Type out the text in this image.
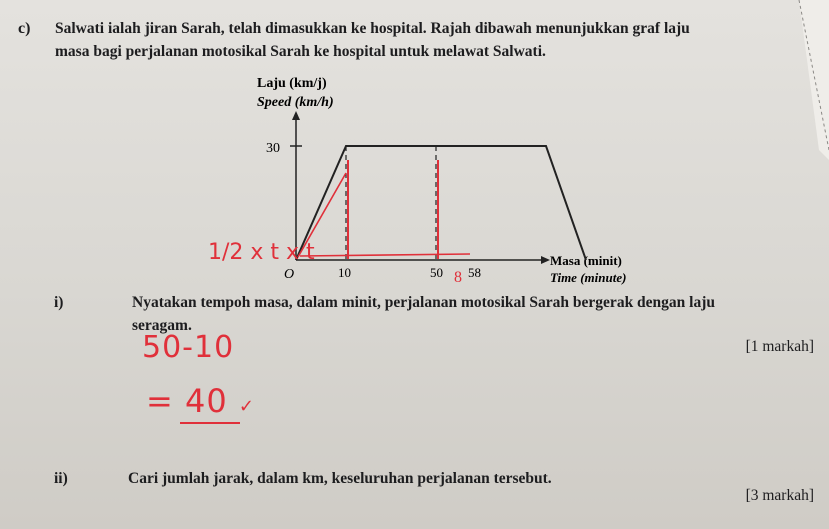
c) Salwati ialah jiran Sarah, telah dimasukkan ke hospital. Rajah dibawah menunjukkan graf laju
masa bagi perjalanan motosikal Sarah ke hospital untuk melawat Salwati.
Laju (km/j)
Speed (km/h)
30
O	10	50 58
Masa (minit)
Time (minute)
8
1/2 x t x t
i)	Nyatakan tempoh masa, dalam minit, perjalanan motosikal Sarah bergerak dengan laju
seragam.
[1 markah]
50-10
= 40 ✓
ii)	Cari jumlah jarak, dalam km, keseluruhan perjalanan tersebut.
[3 markah]
